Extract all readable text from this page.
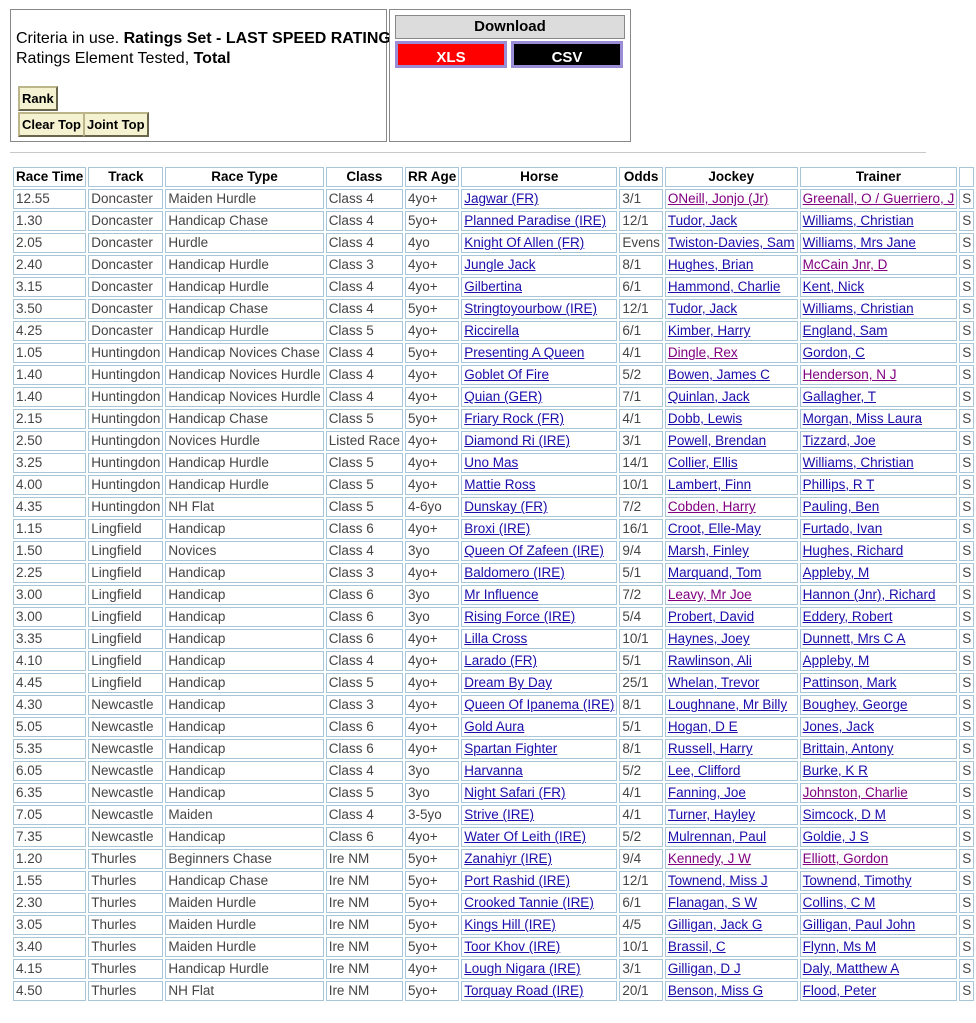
Criteria in use. Ratings Set - LAST SPEED RATING
Ratings Element Tested, Total
Rank
Clear Top Joint Top
Download
XLS	CSV
Race Time	Track	Race Type	Class	RR Age	Horse	Odds	Jockey	Trainer	
12.55	Doncaster	Maiden Hurdle	Class 4	4yo+	Jagwar (FR)	3/1	ONeill, Jonjo (Jr)	Greenall, O / Guerriero, J	S
1.30	Doncaster	Handicap Chase	Class 4	5yo+	Planned Paradise (IRE)	12/1	Tudor, Jack	Williams, Christian	S
2.05	Doncaster	Hurdle	Class 4	4yo	Knight Of Allen (FR)	Evens	Twiston-Davies, Sam	Williams, Mrs Jane	S
2.40	Doncaster	Handicap Hurdle	Class 3	4yo+	Jungle Jack	8/1	Hughes, Brian	McCain Jnr, D	S
3.15	Doncaster	Handicap Hurdle	Class 4	4yo+	Gilbertina	6/1	Hammond, Charlie	Kent, Nick	S
3.50	Doncaster	Handicap Chase	Class 4	5yo+	Stringtoyourbow (IRE)	12/1	Tudor, Jack	Williams, Christian	S
4.25	Doncaster	Handicap Hurdle	Class 5	4yo+	Riccirella	6/1	Kimber, Harry	England, Sam	S
1.05	Huntingdon	Handicap Novices Chase	Class 4	5yo+	Presenting A Queen	4/1	Dingle, Rex	Gordon, C	S
1.40	Huntingdon	Handicap Novices Hurdle	Class 4	4yo+	Goblet Of Fire	5/2	Bowen, James C	Henderson, N J	S
1.40	Huntingdon	Handicap Novices Hurdle	Class 4	4yo+	Quian (GER)	7/1	Quinlan, Jack	Gallagher, T	S
2.15	Huntingdon	Handicap Chase	Class 5	5yo+	Friary Rock (FR)	4/1	Dobb, Lewis	Morgan, Miss Laura	S
2.50	Huntingdon	Novices Hurdle	Listed Race	4yo+	Diamond Ri (IRE)	3/1	Powell, Brendan	Tizzard, Joe	S
3.25	Huntingdon	Handicap Hurdle	Class 5	4yo+	Uno Mas	14/1	Collier, Ellis	Williams, Christian	S
4.00	Huntingdon	Handicap Hurdle	Class 5	4yo+	Mattie Ross	10/1	Lambert, Finn	Phillips, R T	S
4.35	Huntingdon	NH Flat	Class 5	4-6yo	Dunskay (FR)	7/2	Cobden, Harry	Pauling, Ben	S
1.15	Lingfield	Handicap	Class 6	4yo+	Broxi (IRE)	16/1	Croot, Elle-May	Furtado, Ivan	S
1.50	Lingfield	Novices	Class 4	3yo	Queen Of Zafeen (IRE)	9/4	Marsh, Finley	Hughes, Richard	S
2.25	Lingfield	Handicap	Class 3	4yo+	Baldomero (IRE)	5/1	Marquand, Tom	Appleby, M	S
3.00	Lingfield	Handicap	Class 6	3yo	Mr Influence	7/2	Leavy, Mr Joe	Hannon (Jnr), Richard	S
3.00	Lingfield	Handicap	Class 6	3yo	Rising Force (IRE)	5/4	Probert, David	Eddery, Robert	S
3.35	Lingfield	Handicap	Class 6	4yo+	Lilla Cross	10/1	Haynes, Joey	Dunnett, Mrs C A	S
4.10	Lingfield	Handicap	Class 4	4yo+	Larado (FR)	5/1	Rawlinson, Ali	Appleby, M	S
4.45	Lingfield	Handicap	Class 5	4yo+	Dream By Day	25/1	Whelan, Trevor	Pattinson, Mark	S
4.30	Newcastle	Handicap	Class 3	4yo+	Queen Of Ipanema (IRE)	8/1	Loughnane, Mr Billy	Boughey, George	S
5.05	Newcastle	Handicap	Class 6	4yo+	Gold Aura	5/1	Hogan, D E	Jones, Jack	S
5.35	Newcastle	Handicap	Class 6	4yo+	Spartan Fighter	8/1	Russell, Harry	Brittain, Antony	S
6.05	Newcastle	Handicap	Class 4	3yo	Harvanna	5/2	Lee, Clifford	Burke, K R	S
6.35	Newcastle	Handicap	Class 5	3yo	Night Safari (FR)	4/1	Fanning, Joe	Johnston, Charlie	S
7.05	Newcastle	Maiden	Class 4	3-5yo	Strive (IRE)	4/1	Turner, Hayley	Simcock, D M	S
7.35	Newcastle	Handicap	Class 6	4yo+	Water Of Leith (IRE)	5/2	Mulrennan, Paul	Goldie, J S	S
1.20	Thurles	Beginners Chase	Ire NM	5yo+	Zanahiyr (IRE)	9/4	Kennedy, J W	Elliott, Gordon	S
1.55	Thurles	Handicap Chase	Ire NM	5yo+	Port Rashid (IRE)	12/1	Townend, Miss J	Townend, Timothy	S
2.30	Thurles	Maiden Hurdle	Ire NM	5yo+	Crooked Tannie (IRE)	6/1	Flanagan, S W	Collins, C M	S
3.05	Thurles	Maiden Hurdle	Ire NM	5yo+	Kings Hill (IRE)	4/5	Gilligan, Jack G	Gilligan, Paul John	S
3.40	Thurles	Maiden Hurdle	Ire NM	5yo+	Toor Khov (IRE)	10/1	Brassil, C	Flynn, Ms M	S
4.15	Thurles	Handicap Hurdle	Ire NM	4yo+	Lough Nigara (IRE)	3/1	Gilligan, D J	Daly, Matthew A	S
4.50	Thurles	NH Flat	Ire NM	5yo+	Torquay Road (IRE)	20/1	Benson, Miss G	Flood, Peter	S
